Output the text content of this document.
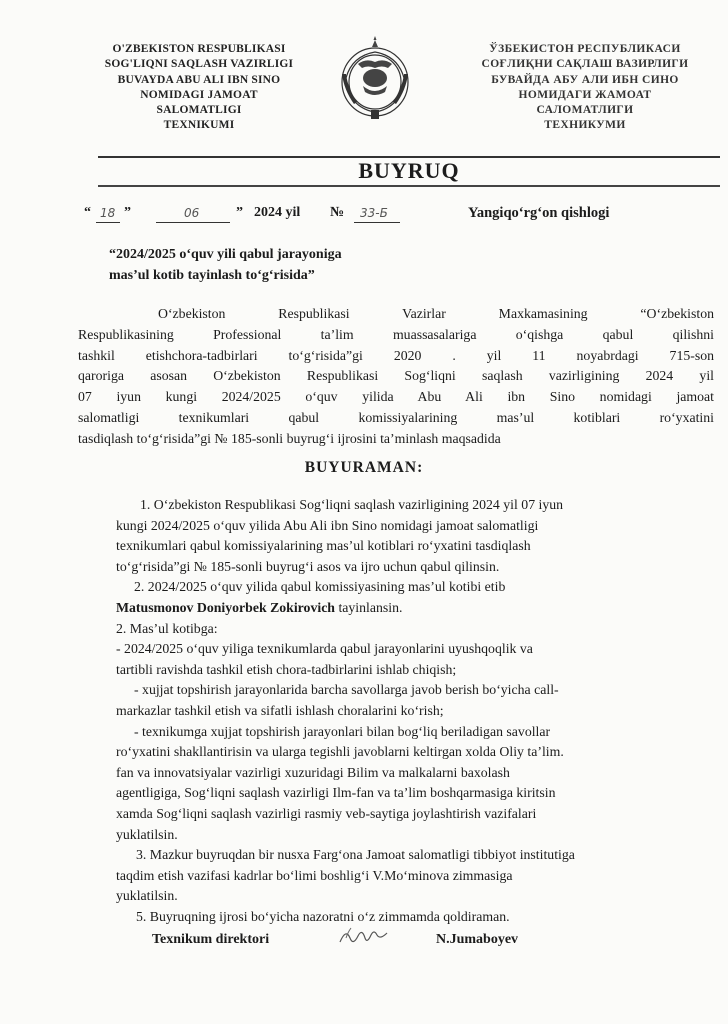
O'ZBEKISTON RESPUBLIKASI
SOG'LIQNI SAQLASH VAZIRLIGI
BUVAYDA ABU ALI IBN SINO
NOMIDAGI JAMOAT
SALOMATLIGI
TEXNIKUMI
ЎЗБЕКИСТОН РЕСПУБЛИКАСИ
СОҒЛИҚНИ САҚЛАШ ВАЗИРЛИГИ
БУВАЙДА АБУ АЛИ ИБН СИНО
НОМИДАГИ ЖАМОАТ
САЛОМАТЛИГИ
ТЕХНИКУМИ
BUYRUQ
“ 18 ”	06	” 2024 yil № 33-Б	Yangiqo‘rg‘on qishlogi
“2024/2025 o‘quv yili qabul jarayoniga
mas’ul kotib tayinlash to‘g‘risida”
O‘zbekiston Respublikasi Vazirlar Maxkamasining “O‘zbekiston
Respublikasining Professional ta’lim muassasalariga o‘qishga qabul qilishni
tashkil etishchora-tadbirlari to‘g‘risida”gi 2020 . yil 11 noyabrdagi 715-son
qaroriga asosan O‘zbekiston Respublikasi Sog‘liqni saqlash vazirligining 2024 yil
07 iyun kungi 2024/2025 o‘quv yilida Abu Ali ibn Sino nomidagi jamoat
salomatligi texnikumlari qabul komissiyalarining mas’ul kotiblari ro‘yxatini
tasdiqlash to‘g‘risida”gi № 185-sonli buyrug‘i ijrosini ta’minlash maqsadida
BUYURAMAN:
1. O‘zbekiston Respublikasi Sog‘liqni saqlash vazirligining 2024 yil 07 iyun
kungi 2024/2025 o‘quv yilida Abu Ali ibn Sino nomidagi jamoat salomatligi
texnikumlari qabul komissiyalarining mas’ul kotiblari ro‘yxatini tasdiqlash
to‘g‘risida”gi № 185-sonli buyrug‘i asos va ijro uchun qabul qilinsin.
2. 2024/2025 o‘quv yilida qabul komissiyasining mas’ul kotibi etib
Matusmonov Doniyorbek Zokirovich tayinlansin.
2. Mas’ul kotibga:
- 2024/2025 o‘quv yiliga texnikumlarda qabul jarayonlarini uyushqoqlik va
tartibli ravishda tashkil etish chora-tadbirlarini ishlab chiqish;
- xujjat topshirish jarayonlarida barcha savollarga javob berish bo‘yicha call-
markazlar tashkil etish va sifatli ishlash choralarini ko‘rish;
- texnikumga xujjat topshirish jarayonlari bilan bog‘liq beriladigan savollar
ro‘yxatini shakllantirisin va ularga tegishli javoblarni keltirgan xolda Oliy ta’lim.
fan va innovatsiyalar vazirligi xuzuridagi Bilim va malkalarni baxolash
agentligiga, Sog‘liqni saqlash vazirligi Ilm-fan va ta’lim boshqarmasiga kiritsin
xamda Sog‘liqni saqlash vazirligi rasmiy veb-saytiga joylashtirish vazifalari
yuklatilsin.
3. Mazkur buyruqdan bir nusxa Farg‘ona Jamoat salomatligi tibbiyot institutiga
taqdim etish vazifasi kadrlar bo‘limi boshlig‘i V.Mo‘minova zimmasiga
yuklatilsin.
5. Buyruqning ijrosi bo‘yicha nazoratni o‘z zimmamda qoldiraman.
Texnikum direktori	N.Jumaboyev
